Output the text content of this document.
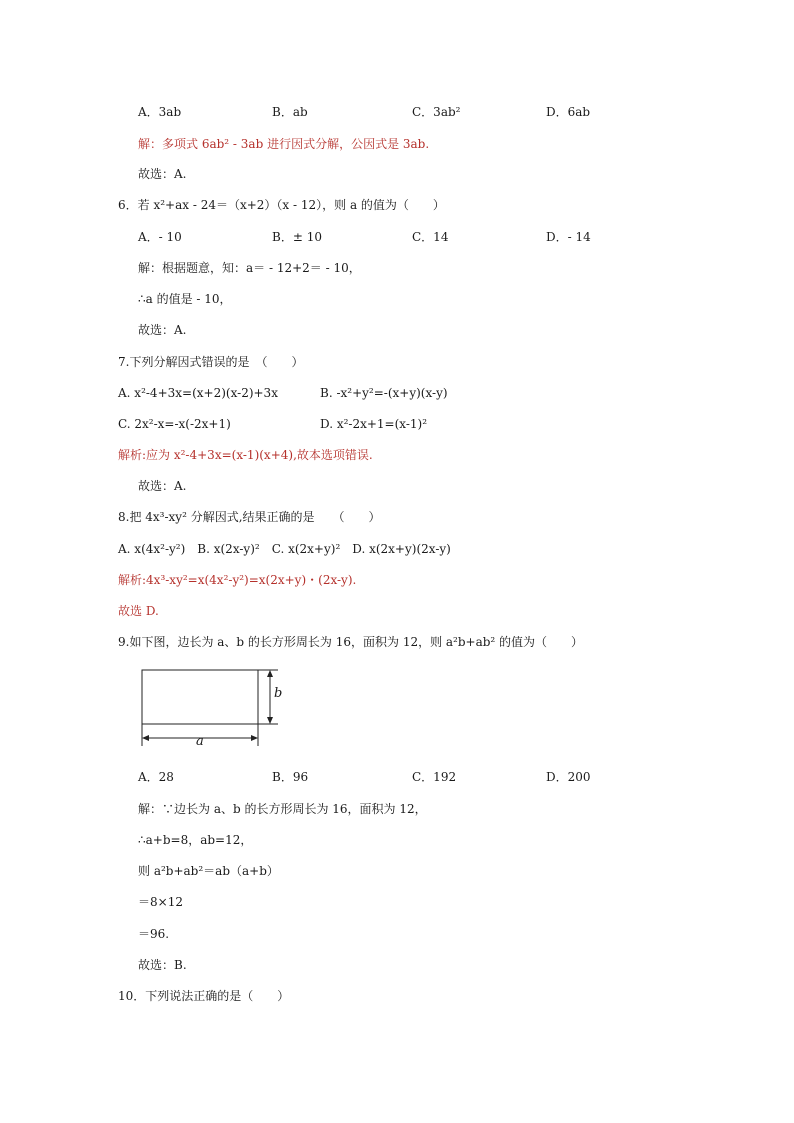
A．3ab	B．ab	C．3ab²	D．6ab
解：多项式 6ab² - 3ab 进行因式分解，公因式是 3ab.
故选：A.
6．若 x²+ax - 24＝（x+2）（x - 12），则 a 的值为（　　）
A．- 10	B．± 10	C．14	D．- 14
解：根据题意，知：a＝ - 12+2＝ - 10，
∴a 的值是 - 10，
故选：A.
7.下列分解因式错误的是　（　　）
A. x²-4+3x=(x+2)(x-2)+3x	B. -x²+y²=-(x+y)(x-y)
C. 2x²-x=-x(-2x+1)	D. x²-2x+1=(x-1)²
解析:应为 x²-4+3x=(x-1)(x+4),故本选项错误.
故选：A.
8.把 4x³-xy² 分解因式,结果正确的是　　（　　）
A. x(4x²-y²)　B. x(2x-y)²　C. x(2x+y)²　D. x(2x+y)(2x-y)
解析:4x³-xy²=x(4x²-y²)=x(2x+y)・(2x-y).
故选 D.
9.如下图，边长为 a、b 的长方形周长为 16，面积为 12，则 a²b+ab² 的值为（　　）
b
a
A．28	B．96	C．192	D．200
解：∵边长为 a、b 的长方形周长为 16，面积为 12，
∴a+b=8，ab=12，
则 a²b+ab²＝ab（a+b）
＝8×12
＝96.
故选：B.
10．下列说法正确的是（　　）
